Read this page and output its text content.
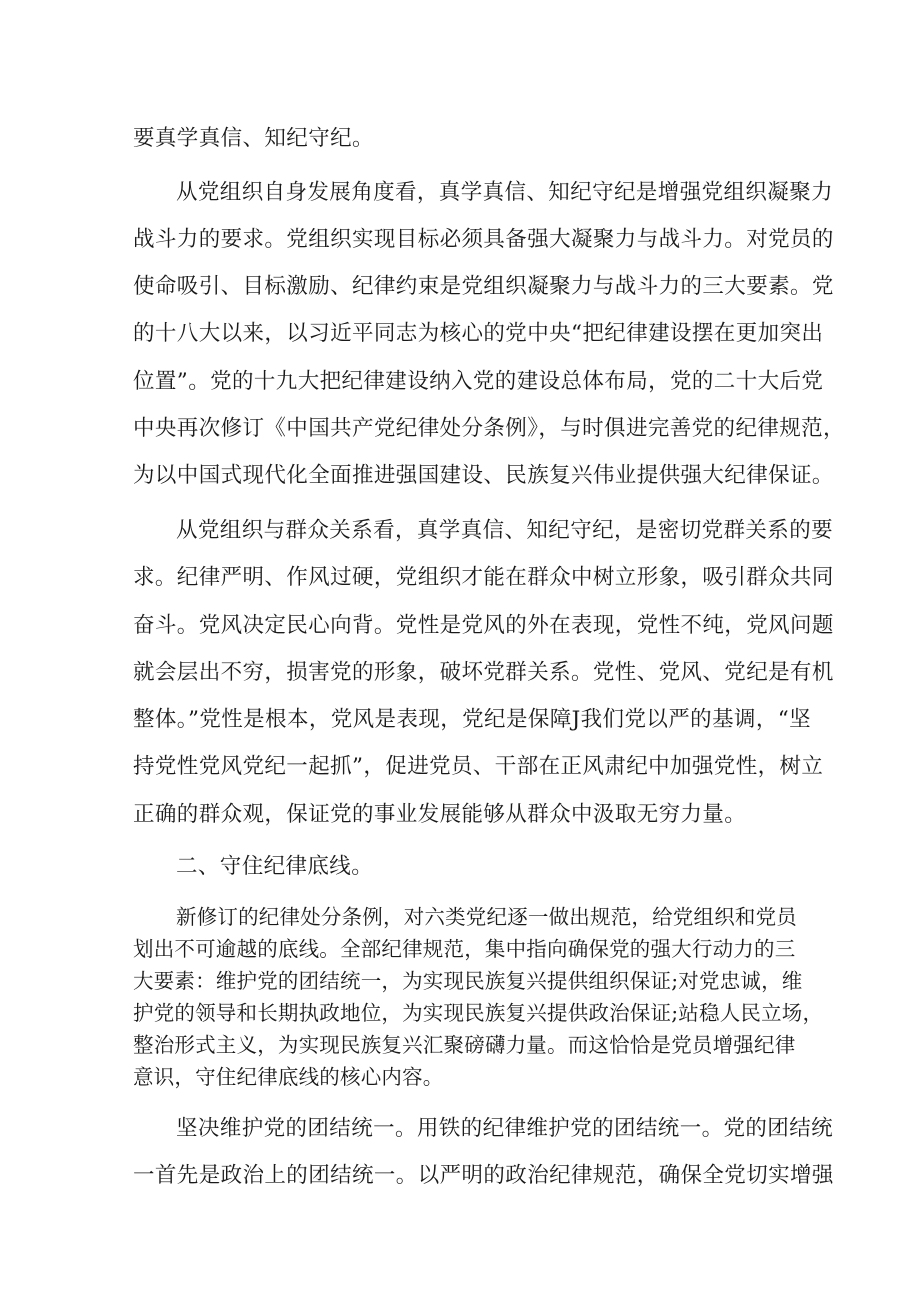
要真学真信、知纪守纪。

从党组织自身发展角度看，真学真信、知纪守纪是增强党组织凝聚力

战斗力的要求。党组织实现目标必须具备强大凝聚力与战斗力。对党员的

使命吸引、目标激励、纪律约束是党组织凝聚力与战斗力的三大要素。党

的十八大以来，以习近平同志为核心的党中央“把纪律建设摆在更加突出

位置”。党的十九大把纪律建设纳入党的建设总体布局，党的二十大后党

中央再次修订《中国共产党纪律处分条例》，与时俱进完善党的纪律规范，

为以中国式现代化全面推进强国建设、民族复兴伟业提供强大纪律保证。

从党组织与群众关系看，真学真信、知纪守纪，是密切党群关系的要

求。纪律严明、作风过硬，党组织才能在群众中树立形象，吸引群众共同

奋斗。党风决定民心向背。党性是党风的外在表现，党性不纯，党风问题

就会层出不穷，损害党的形象，破坏党群关系。党性、党风、党纪是有机

整体。”党性是根本，党风是表现，党纪是保障J我们党以严的基调，“坚

持党性党风党纪一起抓”，促进党员、干部在正风肃纪中加强党性，树立

正确的群众观，保证党的事业发展能够从群众中汲取无穷力量。

二、守住纪律底线。

新修订的纪律处分条例，对六类党纪逐一做出规范，给党组织和党员

划出不可逾越的底线。全部纪律规范，集中指向确保党的强大行动力的三

大要素：维护党的团结统一，为实现民族复兴提供组织保证;对党忠诚，维

护党的领导和长期执政地位，为实现民族复兴提供政治保证;站稳人民立场，

整治形式主义，为实现民族复兴汇聚磅礴力量。而这恰恰是党员增强纪律

意识，守住纪律底线的核心内容。

坚决维护党的团结统一。用铁的纪律维护党的团结统一。党的团结统

一首先是政治上的团结统一。以严明的政治纪律规范，确保全党切实增强
